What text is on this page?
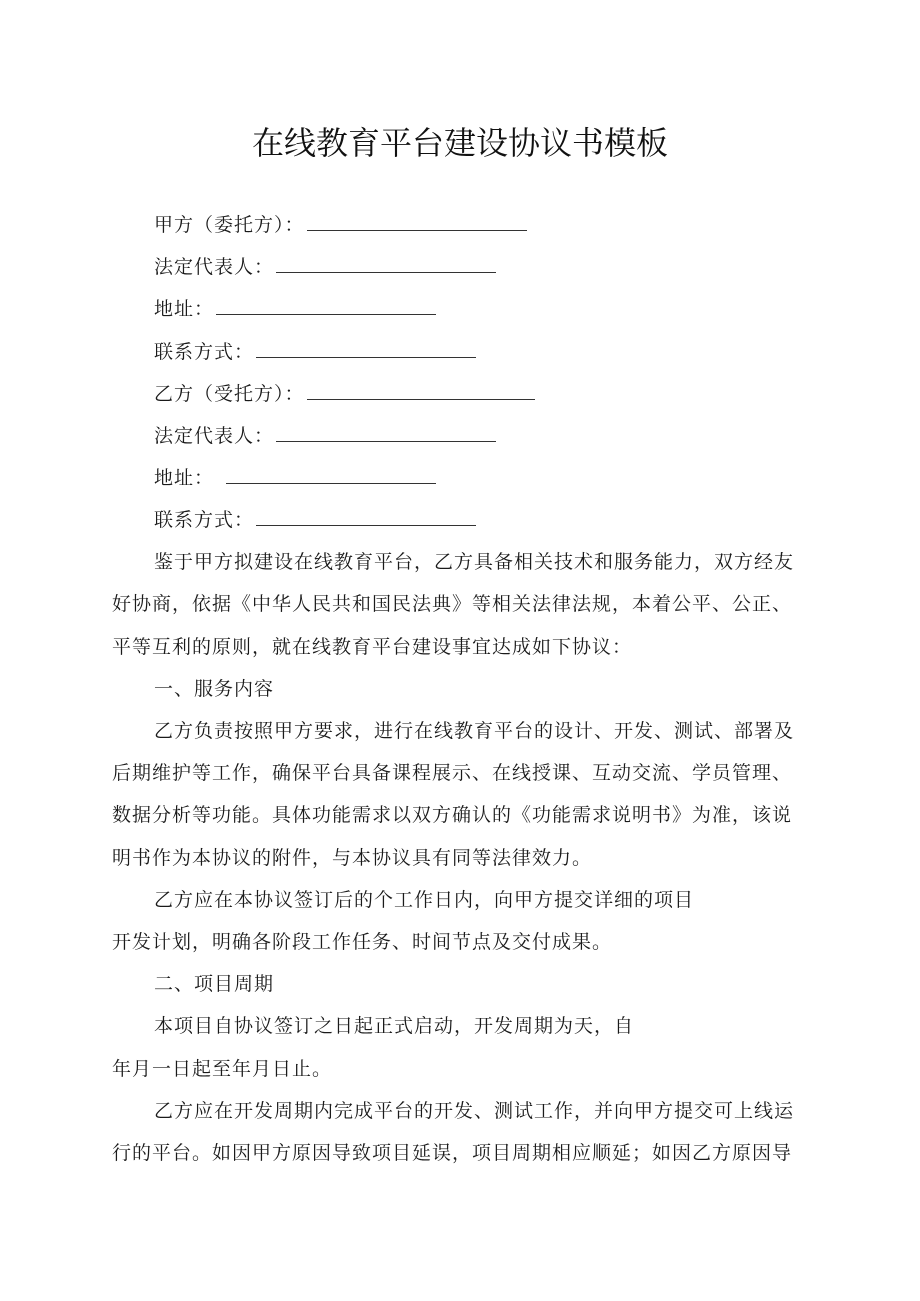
在线教育平台建设协议书模板
甲方（委托方）：
法定代表人：
地址：
联系方式：
乙方（受托方）：
法定代表人：
地址：
联系方式：
鉴于甲方拟建设在线教育平台，乙方具备相关技术和服务能力，双方经友
好协商，依据《中华人民共和国民法典》等相关法律法规，本着公平、公正、
平等互利的原则，就在线教育平台建设事宜达成如下协议：
一、服务内容
乙方负责按照甲方要求，进行在线教育平台的设计、开发、测试、部署及
后期维护等工作，确保平台具备课程展示、在线授课、互动交流、学员管理、
数据分析等功能。具体功能需求以双方确认的《功能需求说明书》为准，该说
明书作为本协议的附件，与本协议具有同等法律效力。
乙方应在本协议签订后的个工作日内，向甲方提交详细的项目
开发计划，明确各阶段工作任务、时间节点及交付成果。
二、项目周期
本项目自协议签订之日起正式启动，开发周期为天，自
年月一日起至年月日止。
乙方应在开发周期内完成平台的开发、测试工作，并向甲方提交可上线运
行的平台。如因甲方原因导致项目延误，项目周期相应顺延；如因乙方原因导
